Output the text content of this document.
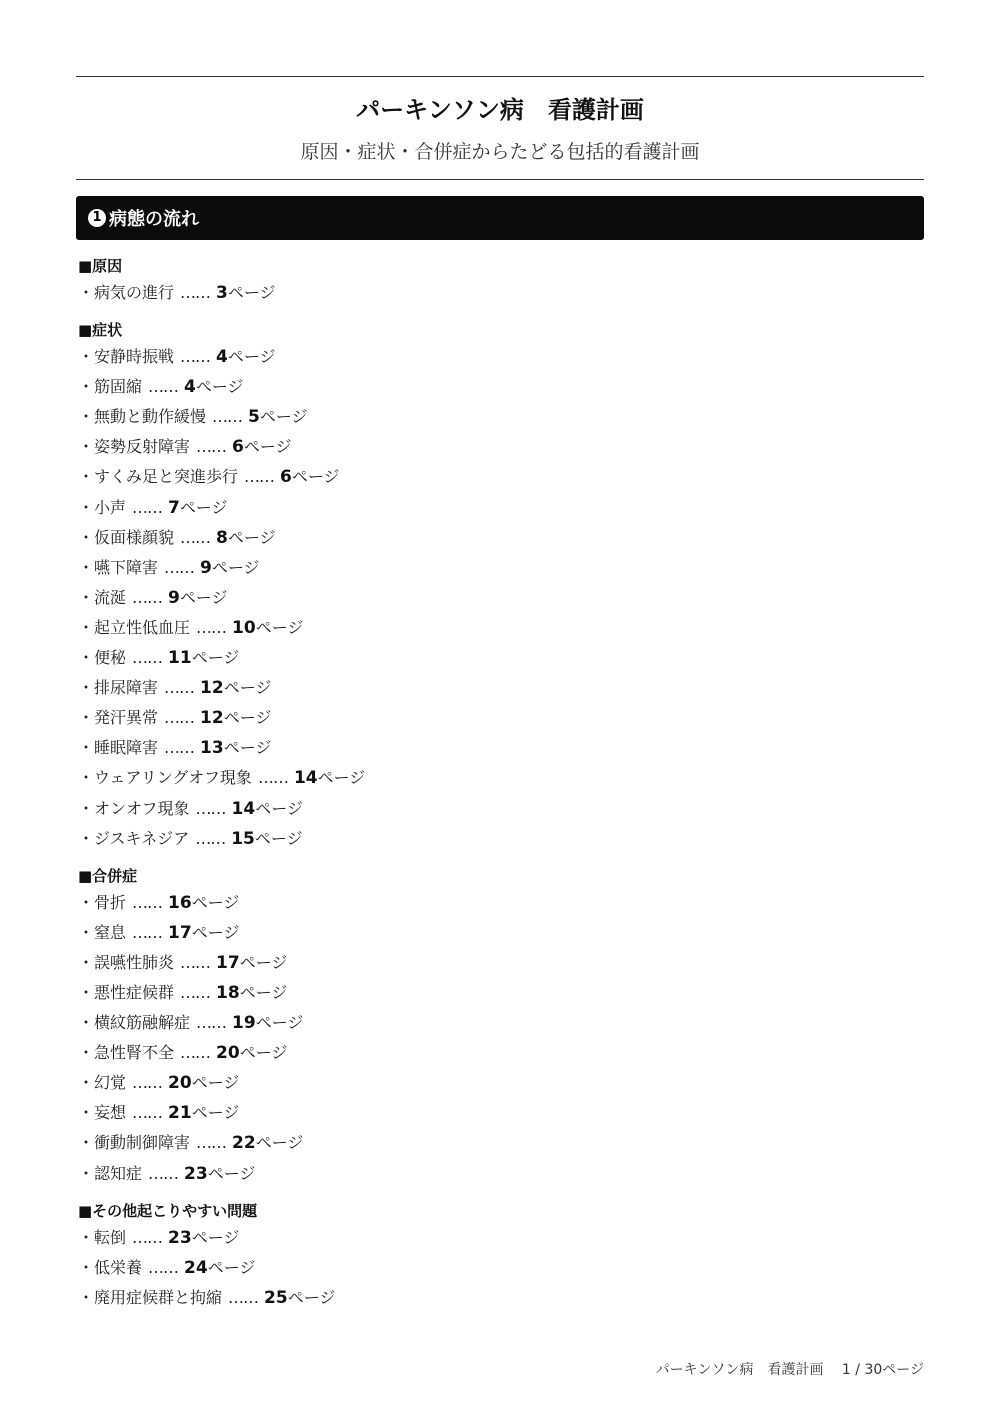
パーキンソン病　看護計画
原因・症状・合併症からたどる包括的看護計画
1 病態の流れ
■原因
・病気の進行 …… 3ページ
■症状
・安静時振戦 …… 4ページ
・筋固縮 …… 4ページ
・無動と動作緩慢 …… 5ページ
・姿勢反射障害 …… 6ページ
・すくみ足と突進歩行 …… 6ページ
・小声 …… 7ページ
・仮面様顔貌 …… 8ページ
・嚥下障害 …… 9ページ
・流涎 …… 9ページ
・起立性低血圧 …… 10ページ
・便秘 …… 11ページ
・排尿障害 …… 12ページ
・発汗異常 …… 12ページ
・睡眠障害 …… 13ページ
・ウェアリングオフ現象 …… 14ページ
・オンオフ現象 …… 14ページ
・ジスキネジア …… 15ページ
■合併症
・骨折 …… 16ページ
・窒息 …… 17ページ
・誤嚥性肺炎 …… 17ページ
・悪性症候群 …… 18ページ
・横紋筋融解症 …… 19ページ
・急性腎不全 …… 20ページ
・幻覚 …… 20ページ
・妄想 …… 21ページ
・衝動制御障害 …… 22ページ
・認知症 …… 23ページ
■その他起こりやすい問題
・転倒 …… 23ページ
・低栄養 …… 24ページ
・廃用症候群と拘縮 …… 25ページ
パーキンソン病　看護計画　 1 / 30ページ
